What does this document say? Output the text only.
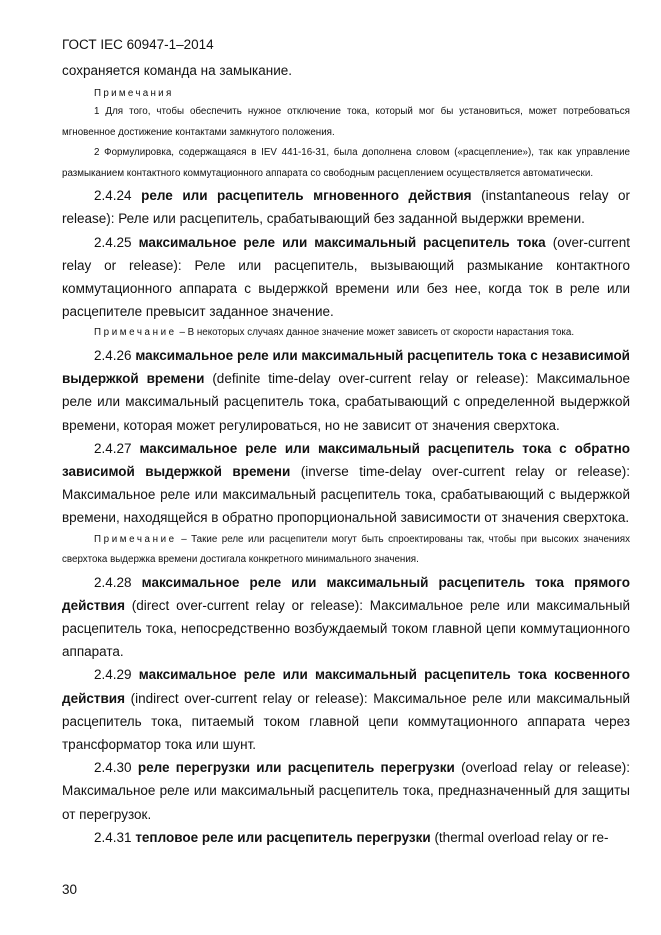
ГОСТ IEC 60947-1–2014

сохраняется команда на замыкание.

Примечания

1 Для того, чтобы обеспечить нужное отключение тока, который мог бы установиться, может потребоваться мгновенное достижение контактами замкнутого положения.

2 Формулировка, содержащаяся в IEV 441-16-31, была дополнена словом («расцепление»), так как управление размыканием контактного коммутационного аппарата со свободным расцеплением осуществляется автоматически.

2.4.24 реле или расцепитель мгновенного действия (instantaneous relay or release): Реле или расцепитель, срабатывающий без заданной выдержки времени.

2.4.25 максимальное реле или максимальный расцепитель тока (over-current relay or release): Реле или расцепитель, вызывающий размыкание контактного коммутационного аппарата с выдержкой времени или без нее, когда ток в реле или расцепителе превысит заданное значение.

Примечание – В некоторых случаях данное значение может зависеть от скорости нарастания тока.

2.4.26 максимальное реле или максимальный расцепитель тока с независимой выдержкой времени (definite time-delay over-current relay or release): Максимальное реле или максимальный расцепитель тока, срабатывающий с определенной выдержкой времени, которая может регулироваться, но не зависит от значения сверхтока.

2.4.27 максимальное реле или максимальный расцепитель тока с обратно зависимой выдержкой времени (inverse time-delay over-current relay or release): Максимальное реле или максимальный расцепитель тока, срабатывающий с выдержкой времени, находящейся в обратно пропорциональной зависимости от значения сверхтока.

Примечание – Такие реле или расцепители могут быть спроектированы так, чтобы при высоких значениях сверхтока выдержка времени достигала конкретного минимального значения.

2.4.28 максимальное реле или максимальный расцепитель тока прямого действия (direct over-current relay or release): Максимальное реле или максимальный расцепитель тока, непосредственно возбуждаемый током главной цепи коммутационного аппарата.

2.4.29 максимальное реле или максимальный расцепитель тока косвенного действия (indirect over-current relay or release): Максимальное реле или максимальный расцепитель тока, питаемый током главной цепи коммутационного аппарата через трансформатор тока или шунт.

2.4.30 реле перегрузки или расцепитель перегрузки (overload relay or release): Максимальное реле или максимальный расцепитель тока, предназначенный для защиты от перегрузок.

2.4.31 тепловое реле или расцепитель перегрузки (thermal overload relay or re-

30
